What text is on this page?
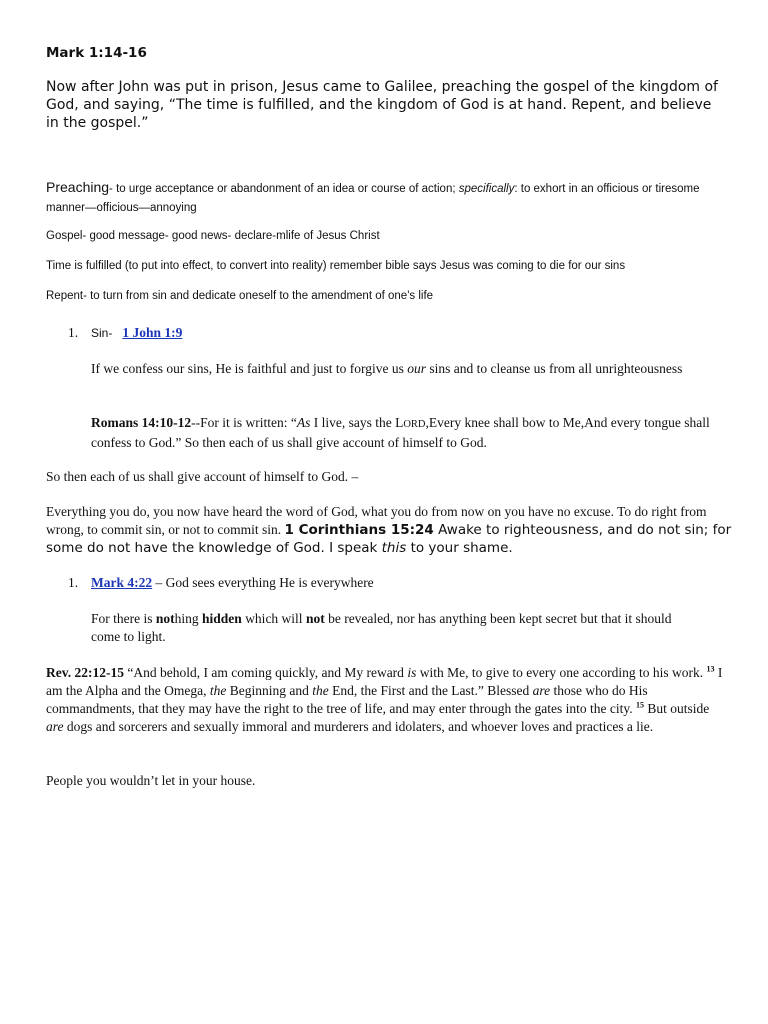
Mark 1:14-16

Now after John was put in prison, Jesus came to Galilee, preaching the gospel of the kingdom of God, and saying, “The time is fulfilled, and the kingdom of God is at hand. Repent, and believe in the gospel.”

Preaching- to urge acceptance or abandonment of an idea or course of action; specifically: to exhort in an officious or tiresome manner—officious—annoying

Gospel- good message- good news- declare-mlife of Jesus Christ

Time is fulfilled (to put into effect, to convert into reality) remember bible says Jesus was coming to die for our sins

Repent- to turn from sin and dedicate oneself to the amendment of one's life

1. Sin- 1 John 1:9

If we confess our sins, He is faithful and just to forgive us our sins and to cleanse us from all unrighteousness

Romans 14:10-12--For it is written: “As I live, says the LORD,Every knee shall bow to Me,And every tongue shall confess to God.” So then each of us shall give account of himself to God.

So then each of us shall give account of himself to God. –

Everything you do, you now have heard the word of God, what you do from now on you have no excuse. To do right from wrong, to commit sin, or not to commit sin. 1 Corinthians 15:24 Awake to righteousness, and do not sin; for some do not have the knowledge of God. I speak this to your shame.

1. Mark 4:22 – God sees everything He is everywhere

For there is nothing hidden which will not be revealed, nor has anything been kept secret but that it should come to light.

Rev. 22:12-15 “And behold, I am coming quickly, and My reward is with Me, to give to every one according to his work. $^{13}$ I am the Alpha and the Omega, the Beginning and the End, the First and the Last.” Blessed are those who do His commandments, that they may have the right to the tree of life, and may enter through the gates into the city. $^{15}$ But outside are dogs and sorcerers and sexually immoral and murderers and idolaters, and whoever loves and practices a lie.

People you wouldn’t let in your house.
